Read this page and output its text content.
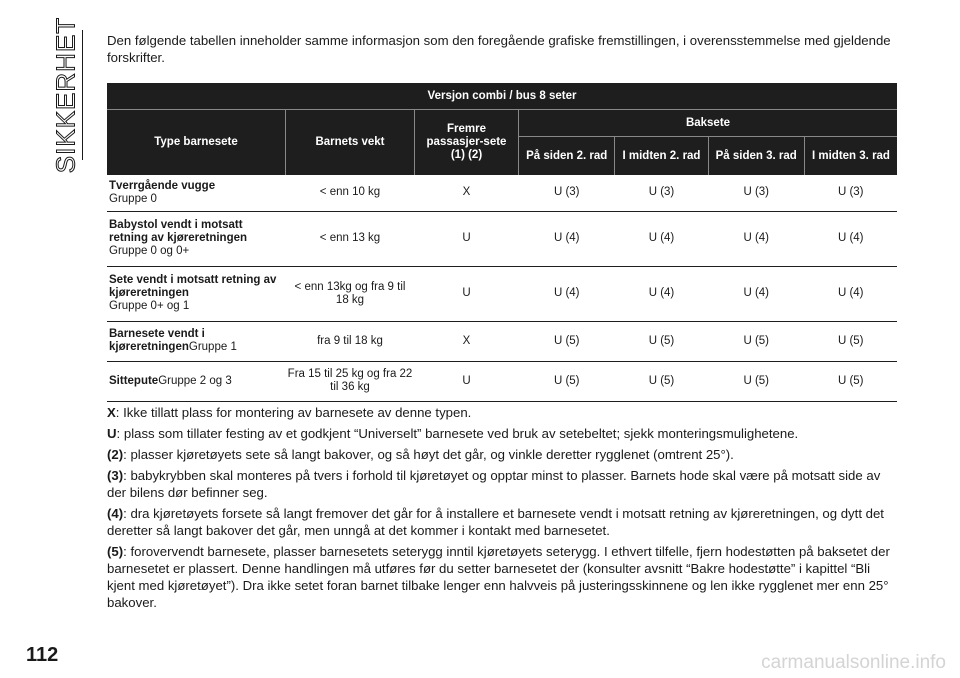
SIKKERHET Den følgende tabellen inneholder samme informasjon som den foregående grafiske fremstillingen, i overensstemmelse med gjeldende forskrifter.
Versjon combi / bus 8 seter						
Type barnesete	Barnets vekt	Fremre passasjer-sete (1) (2)	Baksete			
			På siden 2. rad	I midten 2. rad	På siden 3. rad	I midten 3. rad
Tverrgående vugge
Gruppe 0	< enn 10 kg	X	U (3)	U (3)	U (3)	U (3)
Babystol vendt i motsatt retning av kjøreretningen
Gruppe 0 og 0+	< enn 13 kg	U	U (4)	U (4)	U (4)	U (4)
Sete vendt i motsatt retning av kjøreretningen
Gruppe 0+ og 1	< enn 13kg og fra 9 til 18 kg	U	U (4)	U (4)	U (4)	U (4)
Barnesete vendt i kjøreretningenGruppe 1	fra 9 til 18 kg	X	U (5)	U (5)	U (5)	U (5)
SitteputeGruppe 2 og 3	Fra 15 til 25 kg og fra 22 til 36 kg	U	U (5)	U (5)	U (5)	U (5)

X: Ikke tillatt plass for montering av barnesete av denne typen.

U: plass som tillater festing av et godkjent “Universelt” barnesete ved bruk av setebeltet; sjekk monteringsmulighetene.

(2): plasser kjøretøyets sete så langt bakover, og så høyt det går, og vinkle deretter rygglenet (omtrent 25°).

(3): babykrybben skal monteres på tvers i forhold til kjøretøyet og opptar minst to plasser. Barnets hode skal være på motsatt side av der bilens dør befinner seg.

(4): dra kjøretøyets forsete så langt fremover det går for å installere et barnesete vendt i motsatt retning av kjøreretningen, og dytt det deretter så langt bakover det går, men unngå at det kommer i kontakt med barnesetet.

(5): forovervendt barnesete, plasser barnesetets seterygg inntil kjøretøyets seterygg. I ethvert tilfelle, fjern hodestøtten på baksetet der barnesetet er plassert. Denne handlingen må utføres før du setter barnesetet der (konsulter avsnitt “Bakre hodestøtte” i kapittel “Bli kjent med kjøretøyet”). Dra ikke setet foran barnet tilbake lenger enn halvveis på justeringsskinnene og len ikke rygglenet mer enn 25° bakover.

112	carmanualsonline.info
